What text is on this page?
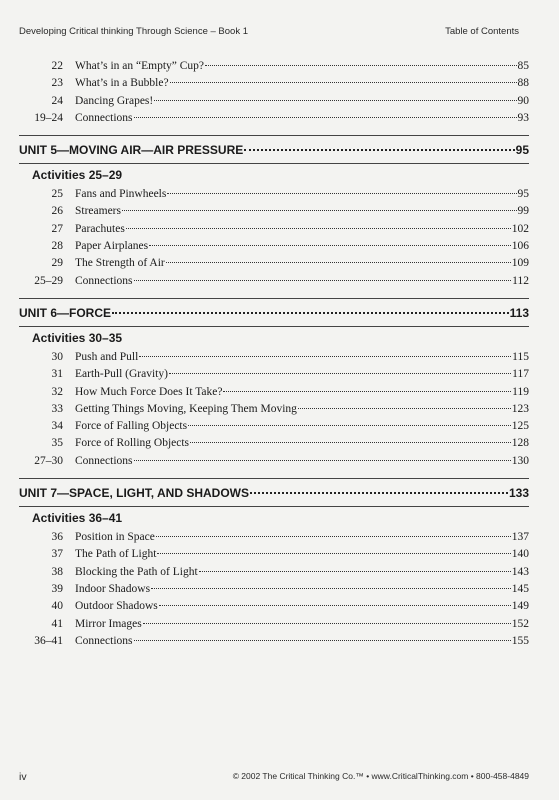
Developing Critical thinking Through Science – Book 1	Table of Contents
22 What’s in an “Empty” Cup?	85
23 What’s in a Bubble?	88
24 Dancing Grapes!	90
19–24 Connections	93
UNIT 5—MOVING AIR—AIR PRESSURE	95
Activities 25–29
25 Fans and Pinwheels	95
26 Streamers	99
27 Parachutes	102
28 Paper Airplanes	106
29 The Strength of Air	109
25–29 Connections	112
UNIT 6—FORCE	113
Activities 30–35
30 Push and Pull	115
31 Earth-Pull (Gravity)	117
32 How Much Force Does It Take?	119
33 Getting Things Moving, Keeping Them Moving	123
34 Force of Falling Objects	125
35 Force of Rolling Objects	128
27–30 Connections	130
UNIT 7—SPACE, LIGHT, AND SHADOWS	133
Activities 36–41
36 Position in Space	137
37 The Path of Light	140
38 Blocking the Path of Light	143
39 Indoor Shadows	145
40 Outdoor Shadows	149
41 Mirror Images	152
36–41 Connections	155
iv	© 2002 The Critical Thinking Co.™ • www.CriticalThinking.com • 800-458-4849
